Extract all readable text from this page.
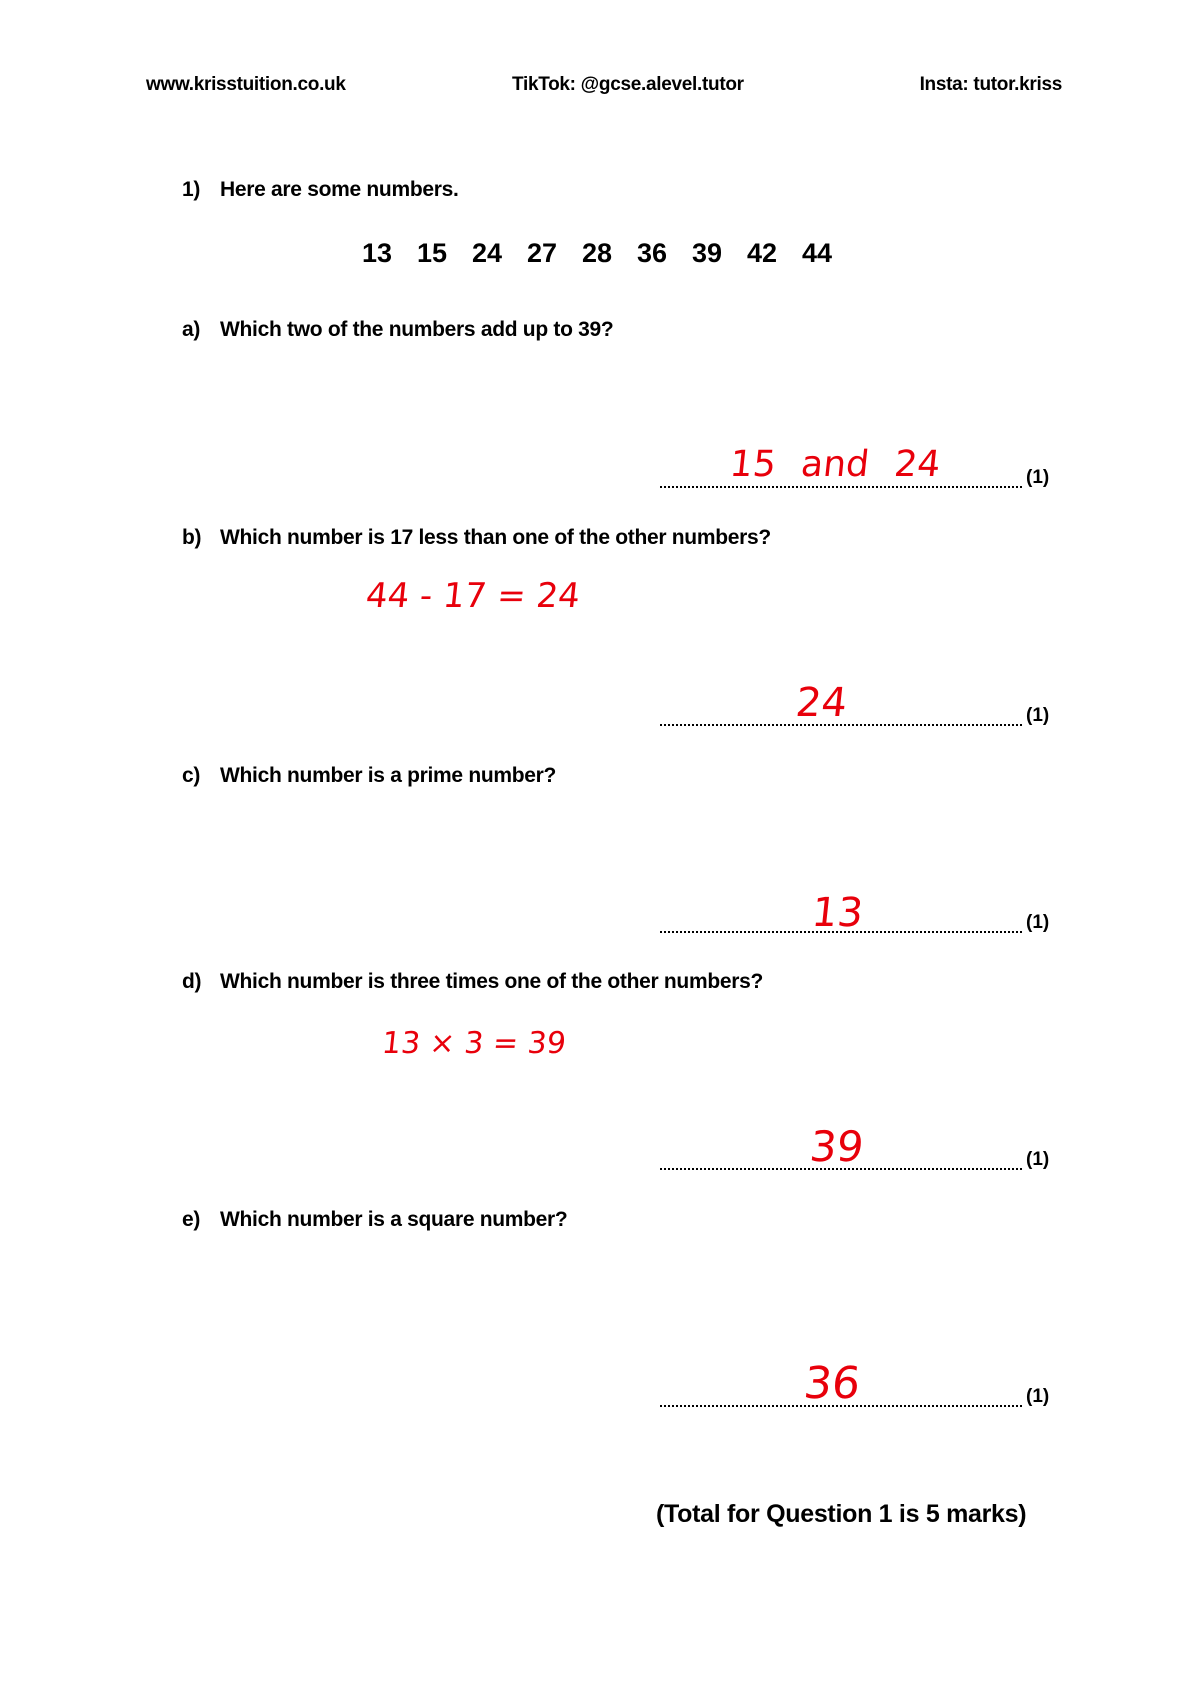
www.krisstuition.co.uk	TikTok: @gcse.alevel.tutor	Insta: tutor.kriss
1) Here are some numbers.
13 15 24 27 28 36 39 42 44
a) Which two of the numbers add up to 39?
15 and 24	(1)
b) Which number is 17 less than one of the other numbers?
44 - 17 = 24
24	(1)
c) Which number is a prime number?
13	(1)
d) Which number is three times one of the other numbers?
13 × 3 = 39
39	(1)
e) Which number is a square number?
36	(1)
(Total for Question 1 is 5 marks)
